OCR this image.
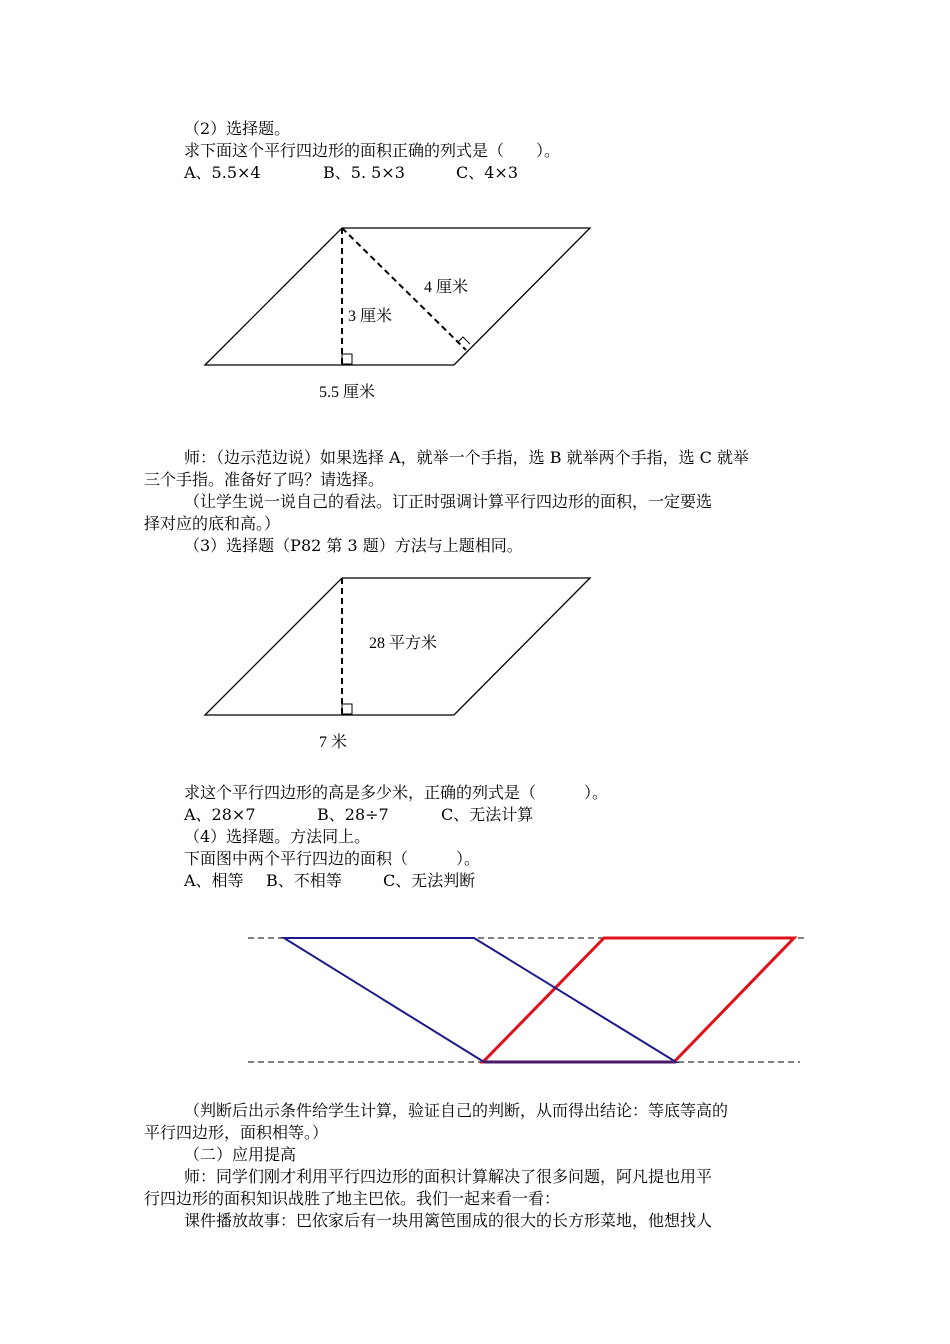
（2）选择题。
求下面这个平行四边形的面积正确的列式是（　　）。
A、5.5×4	B、5. 5×3	C、4×3
4 厘米
3 厘米
5.5 厘米
师：（边示范边说）如果选择 A，就举一个手指，选 B 就举两个手指，选 C 就举
三个手指。准备好了吗？请选择。
（让学生说一说自己的看法。订正时强调计算平行四边形的面积，一定要选
择对应的底和高。）
（3）选择题（P82 第 3 题）方法与上题相同。
28 平方米
7 米
求这个平行四边形的高是多少米，正确的列式是（　　　）。
A、28×7	B、28÷7	C、无法计算
（4）选择题。方法同上。
下面图中两个平行四边的面积（　　　）。
A、相等 B、不相等	C、无法判断
（判断后出示条件给学生计算，验证自己的判断，从而得出结论：等底等高的
平行四边形，面积相等。）
（二）应用提高
师：同学们刚才利用平行四边形的面积计算解决了很多问题，阿凡提也用平
行四边形的面积知识战胜了地主巴依。我们一起来看一看：
课件播放故事：巴依家后有一块用篱笆围成的很大的长方形菜地，他想找人
